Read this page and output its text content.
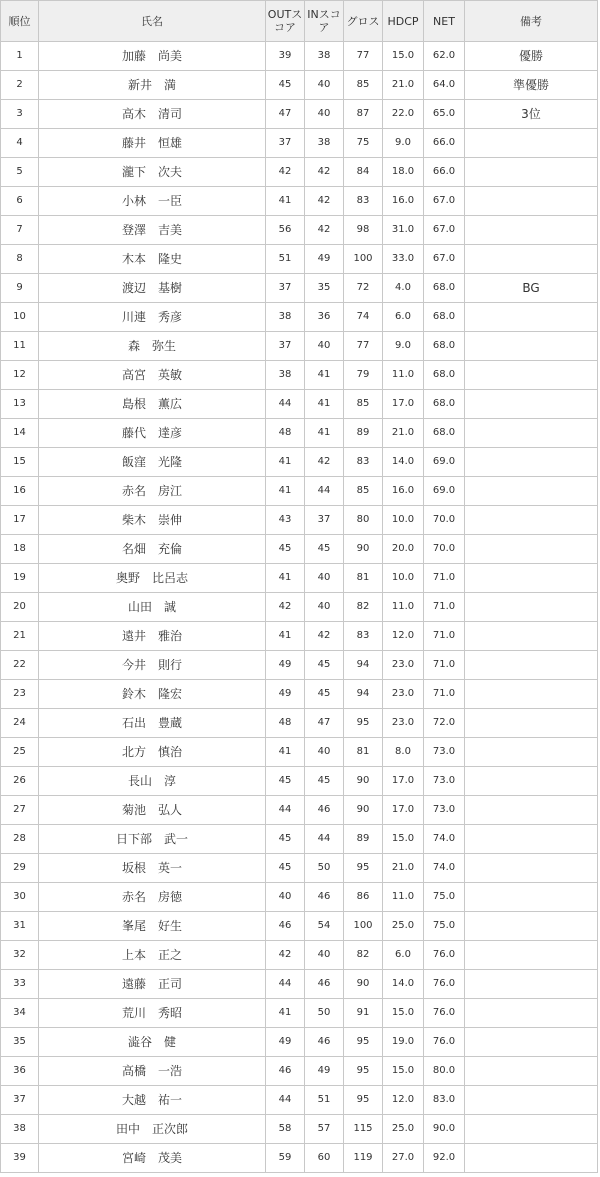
順位	氏名	OUTスコア	INスコア	グロス	HDCP	NET	備考
1	加藤　尚美	39	38	77	15.0	62.0	優勝
2	新井　満	45	40	85	21.0	64.0	準優勝
3	高木　清司	47	40	87	22.0	65.0	3位
4	藤井　恒雄	37	38	75	9.0	66.0	
5	瀧下　次夫	42	42	84	18.0	66.0	
6	小林　一臣	41	42	83	16.0	67.0	
7	登澤　吉美	56	42	98	31.0	67.0	
8	木本　隆史	51	49	100	33.0	67.0	
9	渡辺　基樹	37	35	72	4.0	68.0	BG
10	川連　秀彦	38	36	74	6.0	68.0	
11	森　弥生	37	40	77	9.0	68.0	
12	高宮　英敏	38	41	79	11.0	68.0	
13	島根　薫広	44	41	85	17.0	68.0	
14	藤代　達彦	48	41	89	21.0	68.0	
15	飯窪　光隆	41	42	83	14.0	69.0	
16	赤名　房江	41	44	85	16.0	69.0	
17	柴木　崇伸	43	37	80	10.0	70.0	
18	名畑　充倫	45	45	90	20.0	70.0	
19	奥野　比呂志	41	40	81	10.0	71.0	
20	山田　誠	42	40	82	11.0	71.0	
21	遠井　雅治	41	42	83	12.0	71.0	
22	今井　則行	49	45	94	23.0	71.0	
23	鈴木　隆宏	49	45	94	23.0	71.0	
24	石出　豊蔵	48	47	95	23.0	72.0	
25	北方　慎治	41	40	81	8.0	73.0	
26	長山　淳	45	45	90	17.0	73.0	
27	菊池　弘人	44	46	90	17.0	73.0	
28	日下部　武一	45	44	89	15.0	74.0	
29	坂根　英一	45	50	95	21.0	74.0	
30	赤名　房徳	40	46	86	11.0	75.0	
31	峯尾　好生	46	54	100	25.0	75.0	
32	上本　正之	42	40	82	6.0	76.0	
33	遠藤　正司	44	46	90	14.0	76.0	
34	荒川　秀昭	41	50	91	15.0	76.0	
35	澁谷　健	49	46	95	19.0	76.0	
36	高橋　一浩	46	49	95	15.0	80.0	
37	大越　祐一	44	51	95	12.0	83.0	
38	田中　正次郎	58	57	115	25.0	90.0	
39	宮崎　茂美	59	60	119	27.0	92.0	
